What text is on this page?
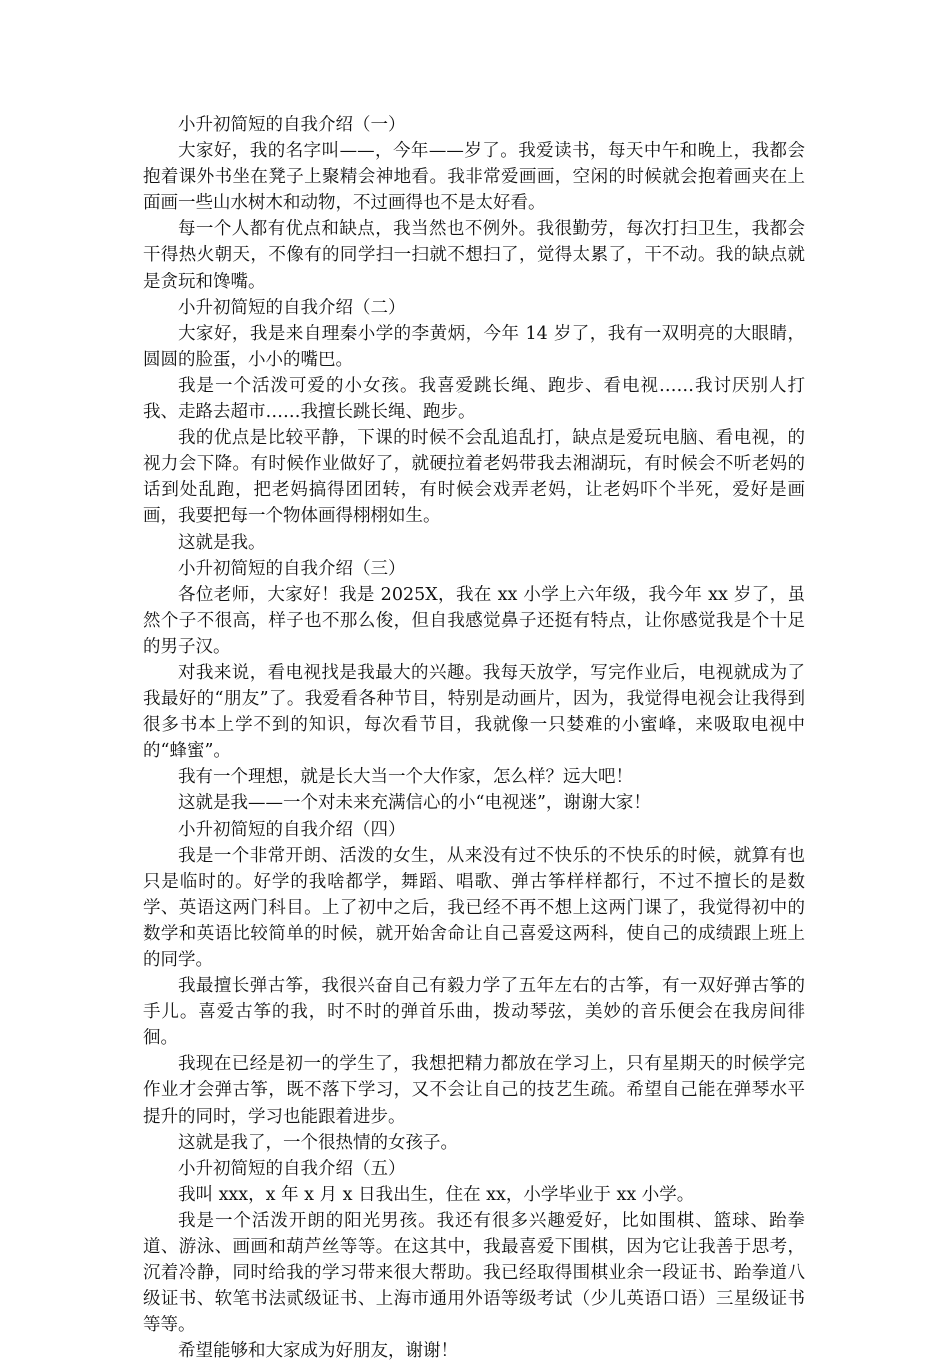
小升初简短的自我介绍（一）

大家好，我的名字叫——，今年——岁了。我爱读书，每天中午和晚上，我都会抱着课外书坐在凳子上聚精会神地看。我非常爱画画，空闲的时候就会抱着画夹在上面画一些山水树木和动物，不过画得也不是太好看。

每一个人都有优点和缺点，我当然也不例外。我很勤劳，每次打扫卫生，我都会干得热火朝天，不像有的同学扫一扫就不想扫了，觉得太累了，干不动。我的缺点就是贪玩和馋嘴。

小升初简短的自我介绍（二）

大家好，我是来自理秦小学的李黄炳，今年 14 岁了，我有一双明亮的大眼睛，圆圆的脸蛋，小小的嘴巴。

我是一个活泼可爱的小女孩。我喜爱跳长绳、跑步、看电视……我讨厌别人打我、走路去超市……我擅长跳长绳、跑步。

我的优点是比较平静，下课的时候不会乱追乱打，缺点是爱玩电脑、看电视，的视力会下降。有时候作业做好了，就硬拉着老妈带我去湘湖玩，有时候会不听老妈的话到处乱跑，把老妈搞得团团转，有时候会戏弄老妈，让老妈吓个半死，爱好是画画，我要把每一个物体画得栩栩如生。

这就是我。

小升初简短的自我介绍（三）

各位老师，大家好！我是 2025X，我在 xx 小学上六年级，我今年 xx 岁了，虽然个子不很高，样子也不那么俊，但自我感觉鼻子还挺有特点，让你感觉我是个十足的男子汉。

对我来说，看电视找是我最大的兴趣。我每天放学，写完作业后，电视就成为了我最好的“朋友”了。我爱看各种节目，特别是动画片，因为，我觉得电视会让我得到很多书本上学不到的知识，每次看节目，我就像一只婪难的小蜜峰，来吸取电视中的“蜂蜜”。

我有一个理想，就是长大当一个大作家，怎么样？远大吧！

这就是我——一个对未来充满信心的小“电视迷”，谢谢大家！

小升初简短的自我介绍（四）

我是一个非常开朗、活泼的女生，从来没有过不快乐的不快乐的时候，就算有也只是临时的。好学的我啥都学，舞蹈、唱歌、弹古筝样样都行，不过不擅长的是数学、英语这两门科目。上了初中之后，我已经不再不想上这两门课了，我觉得初中的数学和英语比较简单的时候，就开始舍命让自己喜爱这两科，使自己的成绩跟上班上的同学。

我最擅长弹古筝，我很兴奋自己有毅力学了五年左右的古筝，有一双好弹古筝的手儿。喜爱古筝的我，时不时的弹首乐曲，拨动琴弦，美妙的音乐便会在我房间徘徊。

我现在已经是初一的学生了，我想把精力都放在学习上，只有星期天的时候学完作业才会弹古筝，既不落下学习，又不会让自己的技艺生疏。希望自己能在弹琴水平提升的同时，学习也能跟着进步。

这就是我了，一个很热情的女孩子。

小升初简短的自我介绍（五）

我叫 xxx，x 年 x 月 x 日我出生，住在 xx，小学毕业于 xx 小学。

我是一个活泼开朗的阳光男孩。我还有很多兴趣爱好，比如围棋、篮球、跆拳道、游泳、画画和葫芦丝等等。在这其中，我最喜爱下围棋，因为它让我善于思考，沉着冷静，同时给我的学习带来很大帮助。我已经取得围棋业余一段证书、跆拳道八级证书、软笔书法贰级证书、上海市通用外语等级考试（少儿英语口语）三星级证书等等。

希望能够和大家成为好朋友，谢谢！
